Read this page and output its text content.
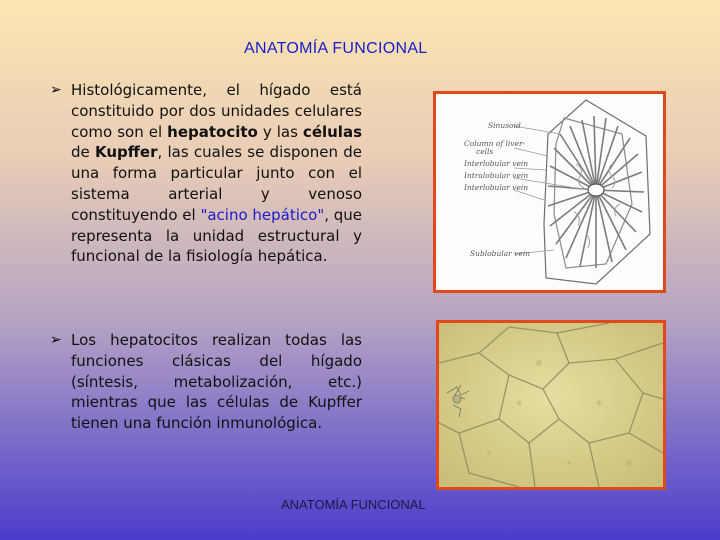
ANATOMÍA FUNCIONAL
➢ Histológicamente, el hígado está constituido por dos unidades celulares como son el hepatocito y las células de Kupffer, las cuales se disponen de una forma particular junto con el sistema arterial y venoso constituyendo el "acino hepático", que representa la unidad estructural y funcional de la fisiología hepática.
➢ Los hepatocitos realizan todas las funciones clásicas del hígado (síntesis, metabolización, etc.) mientras que las células de Kupffer tienen una función inmunológica.
Sinusoid
Column of liver-
cells
Interlobular vein
Intralobular vein
Interlobular vein
Sublobular vein
ANATOMÍA FUNCIONAL
